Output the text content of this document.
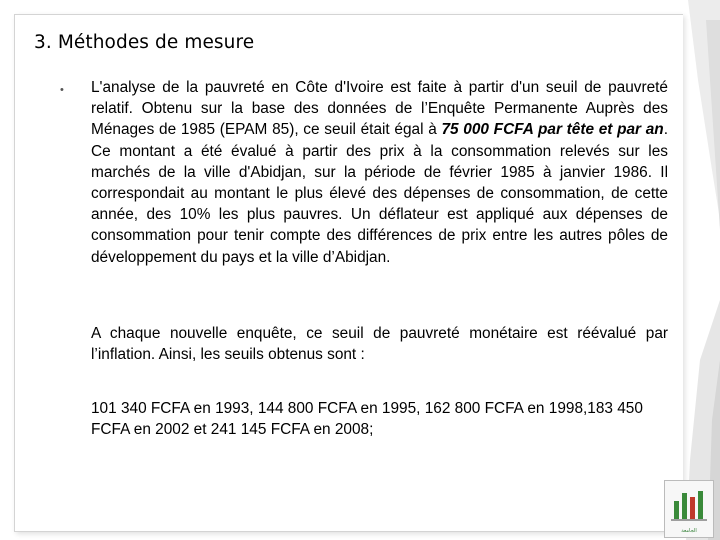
3. Méthodes de mesure
• L'analyse de la pauvreté en Côte d'Ivoire est faite à partir d'un seuil de pauvreté relatif. Obtenu sur la base des données de l’Enquête Permanente Auprès des Ménages de 1985 (EPAM 85), ce seuil était égal à 75 000 FCFA par tête et par an. Ce montant a été évalué à partir des prix à la consommation relevés sur les marchés de la ville d'Abidjan, sur la période de février 1985 à janvier 1986. Il correspondait au montant le plus élevé des dépenses de consommation, de cette année, des 10% les plus pauvres. Un déflateur est appliqué aux dépenses de consommation pour tenir compte des différences de prix entre les autres pôles de développement du pays et la ville d’Abidjan.

A chaque nouvelle enquête, ce seuil de pauvreté monétaire est réévalué par l’inflation. Ainsi, les seuils obtenus sont :

101 340 FCFA en 1993, 144 800 FCFA en 1995, 162 800 FCFA en 1998,183 450 FCFA en 2002 et 241 145 FCFA en 2008;

ﺍﻟﺠﺎﻣﻌﺔ
